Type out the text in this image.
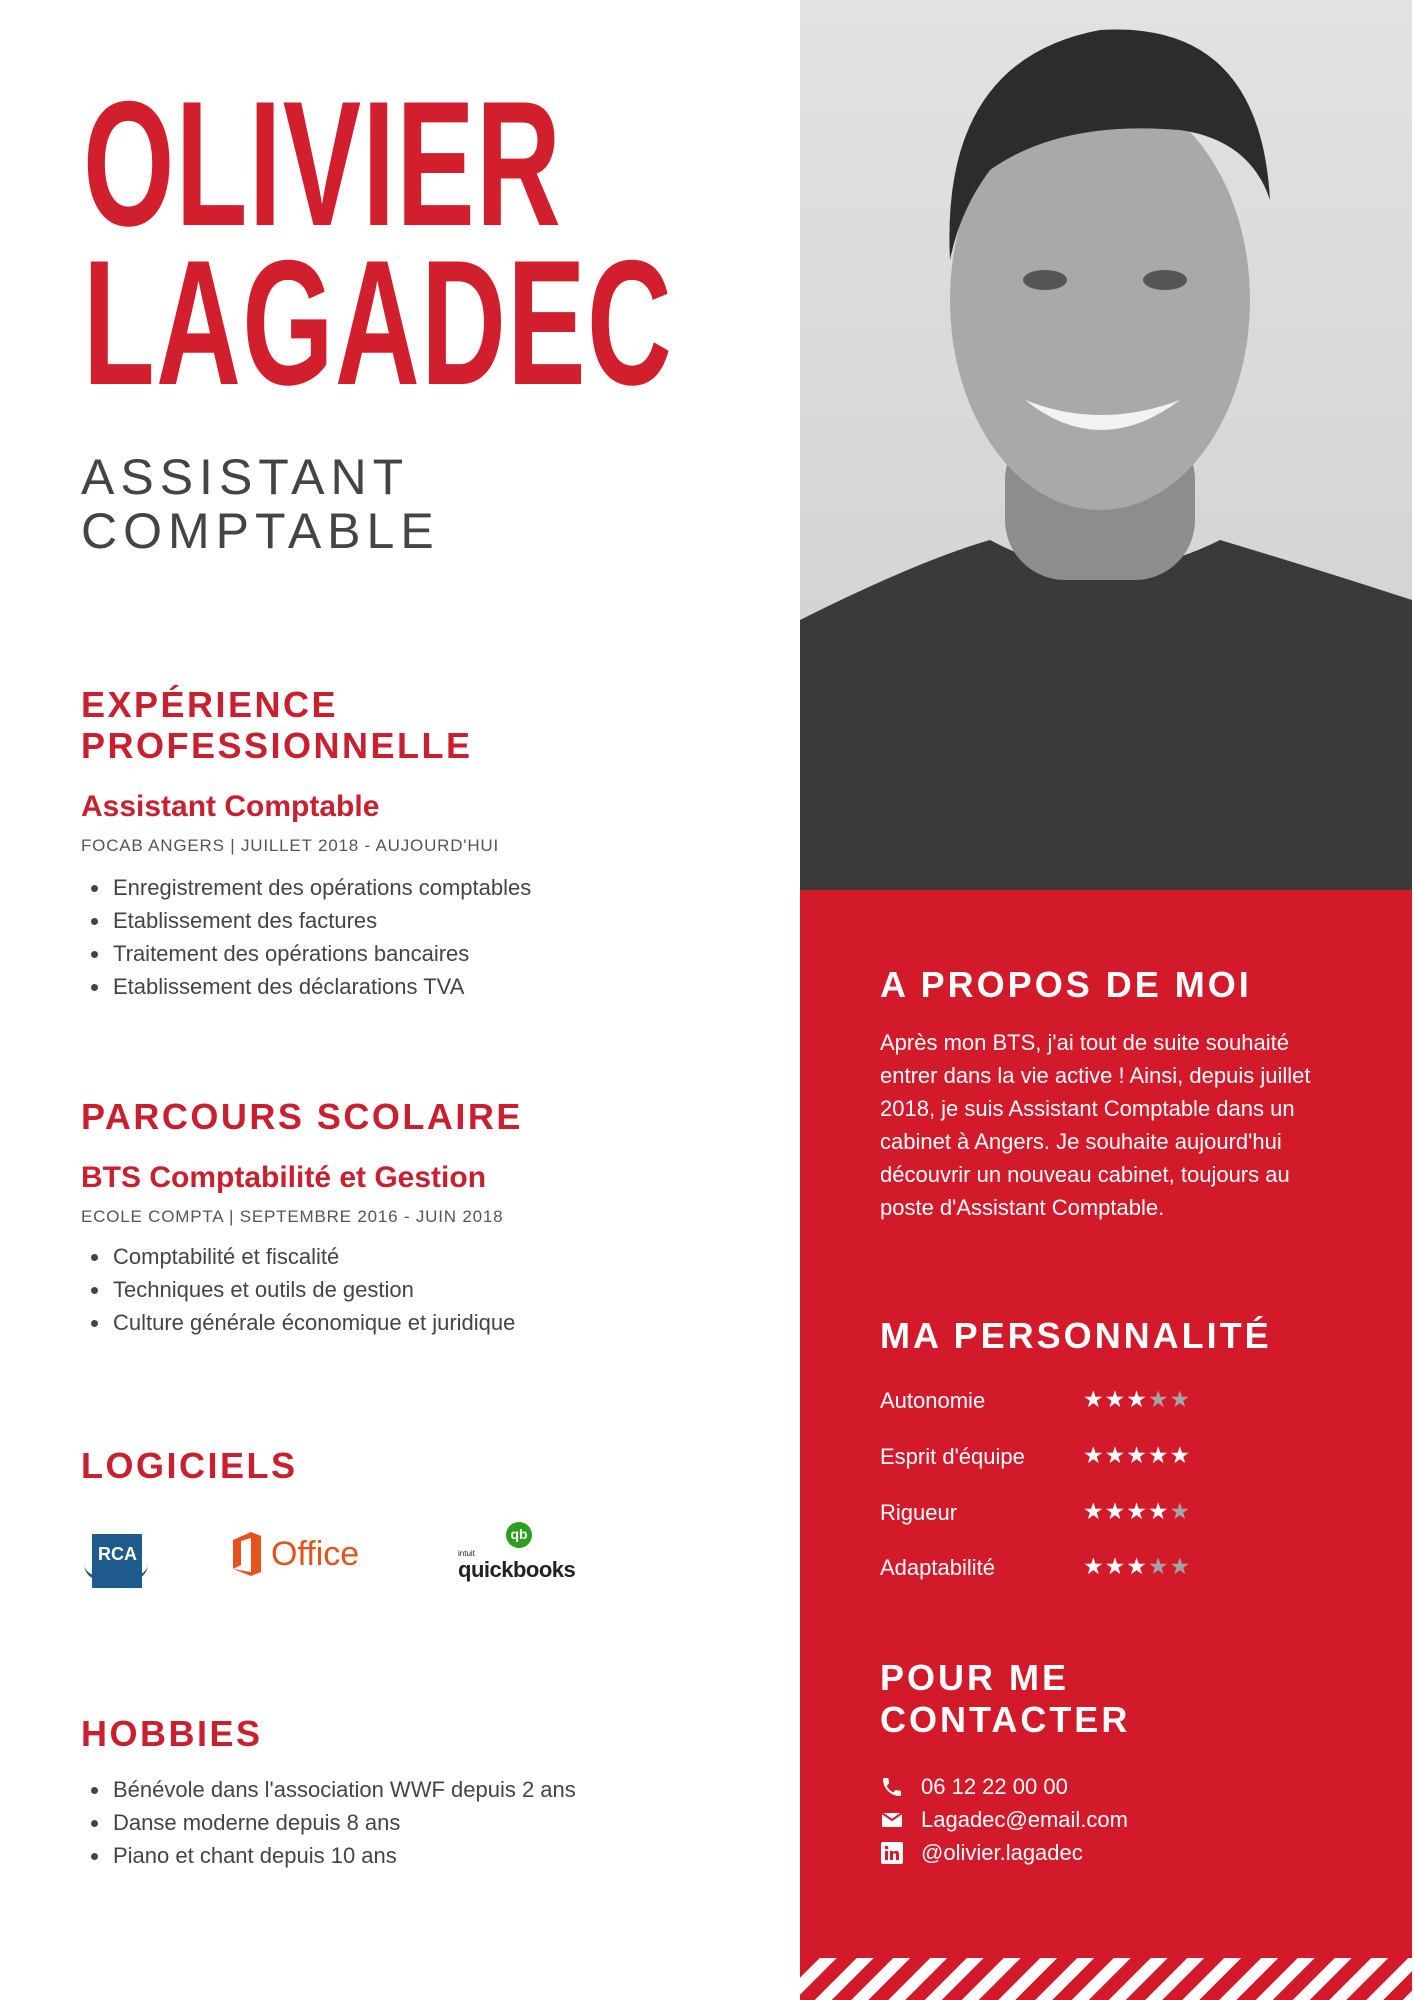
OLIVIER
LAGADEC
ASSISTANT
COMPTABLE
EXPÉRIENCE
PROFESSIONNELLE
Assistant Comptable
FOCAB ANGERS | JUILLET 2018 - AUJOURD'HUI
• Enregistrement des opérations comptables
• Etablissement des factures
• Traitement des opérations bancaires
• Etablissement des déclarations TVA
PARCOURS SCOLAIRE
BTS Comptabilité et Gestion
ECOLE COMPTA | SEPTEMBRE 2016 - JUIN 2018
• Comptabilité et fiscalité
• Techniques et outils de gestion
• Culture générale économique et juridique
LOGICIELS
RCA	Office
qb
intuit
quickbooks
HOBBIES
• Bénévole dans l'association WWF depuis 2 ans
• Danse moderne depuis 8 ans
• Piano et chant depuis 10 ans
A PROPOS DE MOI
Après mon BTS, j'ai tout de suite souhaité entrer dans la vie active ! Ainsi, depuis juillet 2018, je suis Assistant Comptable dans un cabinet à Angers. Je souhaite aujourd'hui découvrir un nouveau cabinet, toujours au poste d'Assistant Comptable.
MA PERSONNALITÉ
Autonomie	★★★★★
Esprit d'équipe	★★★★★
Rigueur	★★★★★
Adaptabilité	★★★★★
POUR ME
CONTACTER
06 12 22 00 00
Lagadec@email.com
@olivier.lagadec
